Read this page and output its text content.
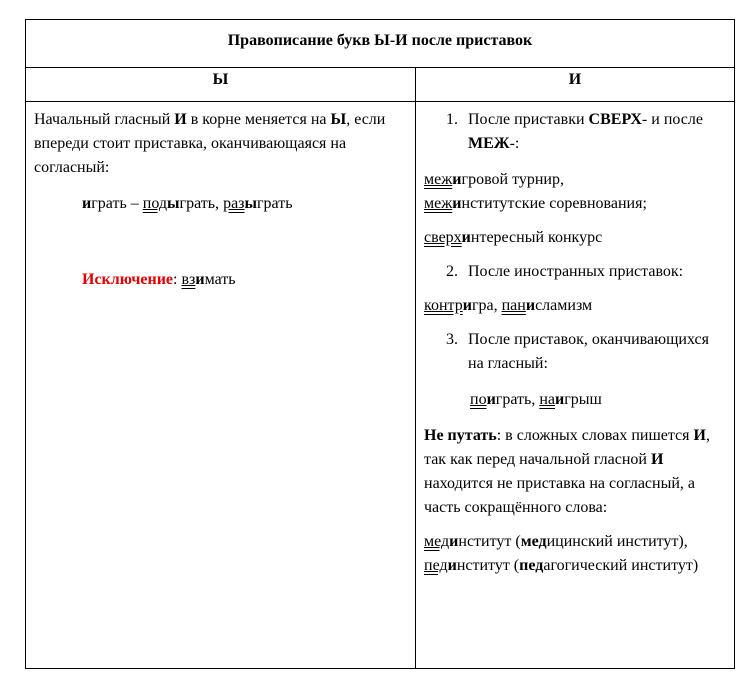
Правописание букв Ы-И после приставок
Ы	И

Начальный гласный И в корне меняется на Ы, если впереди стоит приставка, оканчивающаяся на согласный:

играть – подыграть, разыграть

Исключение: взимать

1. После приставки СВЕРХ- и после МЕЖ-:

межигровой турнир,
межинститутские соревнования;

сверхинтересный конкурс

2. После иностранных приставок:

контригра, панисламизм

3. После приставок, оканчивающихся на гласный:

поиграть, наигрыш

Не путать: в сложных словах пишется И, так как перед начальной гласной И находится не приставка на согласный, а часть сокращённого слова:

мединститут (медицинский институт), пединститут (педагогический институт)
